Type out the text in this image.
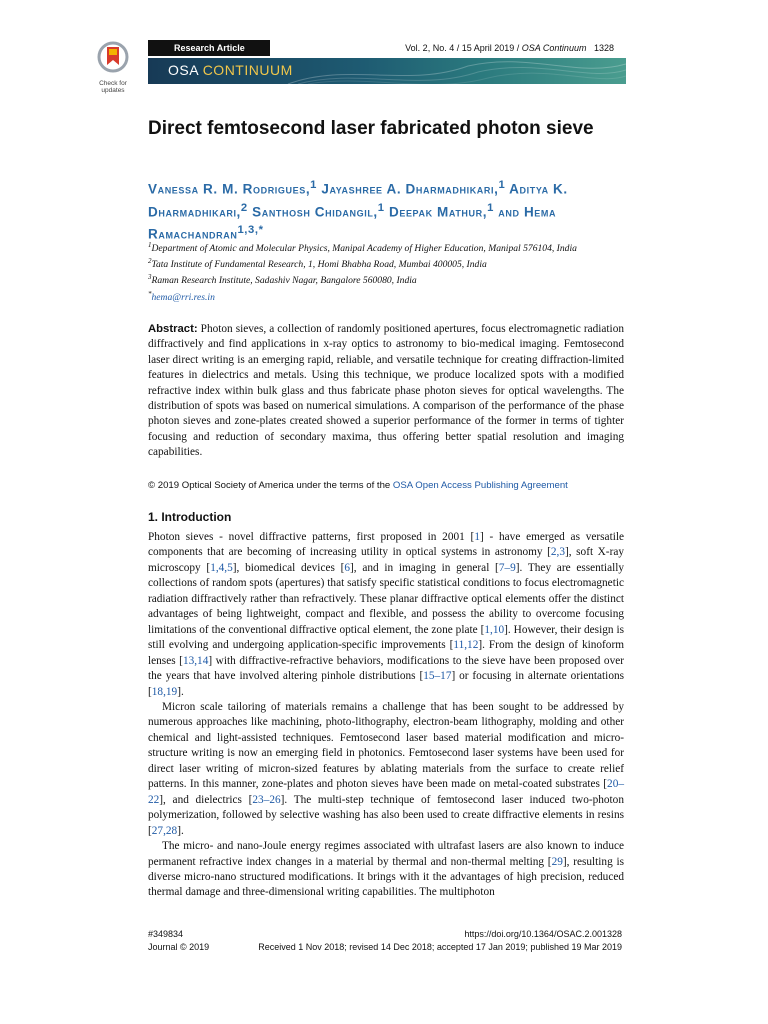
Check for
updates
Research Article	Vol. 2, No. 4 / 15 April 2019 / OSA Continuum 1328
OSA CONTINUUM
Direct femtosecond laser fabricated photon sieve
Vanessa R. M. Rodrigues,$^1$ Jayashree A. Dharmadhikari,$^1$ Aditya K. Dharmadhikari,$^2$ Santhosh Chidangil,$^1$ Deepak Mathur,$^1$ and Hema Ramachandran$^{1,3,*}$
$^1$Department of Atomic and Molecular Physics, Manipal Academy of Higher Education, Manipal 576104, India
$^2$Tata Institute of Fundamental Research, 1, Homi Bhabha Road, Mumbai 400005, India
$^3$Raman Research Institute, Sadashiv Nagar, Bangalore 560080, India
*hema@rri.res.in
Abstract: Photon sieves, a collection of randomly positioned apertures, focus electromagnetic radiation diffractively and find applications in x-ray optics to astronomy to bio-medical imaging. Femtosecond laser direct writing is an emerging rapid, reliable, and versatile technique for creating diffraction-limited features in dielectrics and metals. Using this technique, we produce localized spots with a modified refractive index within bulk glass and thus fabricate phase photon sieves for optical wavelengths. The distribution of spots was based on numerical simulations. A comparison of the performance of the phase photon sieves and zone-plates created showed a superior performance of the former in terms of tighter focusing and reduction of secondary maxima, thus offering better spatial resolution and imaging capabilities.
© 2019 Optical Society of America under the terms of the OSA Open Access Publishing Agreement
1. Introduction

Photon sieves - novel diffractive patterns, first proposed in 2001 [1] - have emerged as versatile components that are becoming of increasing utility in optical systems in astronomy [2,3], soft X-ray microscopy [1,4,5], biomedical devices [6], and in imaging in general [7–9]. They are essentially collections of random spots (apertures) that satisfy specific statistical conditions to focus electromagnetic radiation diffractively rather than refractively. These planar diffractive optical elements offer the distinct advantages of being lightweight, compact and flexible, and possess the ability to overcome focusing limitations of the conventional diffractive optical element, the zone plate [1,10]. However, their design is still evolving and undergoing application-specific improvements [11,12]. From the design of kinoform lenses [13,14] with diffractive-refractive behaviors, modifications to the sieve have been proposed over the years that have involved altering pinhole distributions [15–17] or focusing in alternate orientations [18,19].

Micron scale tailoring of materials remains a challenge that has been sought to be addressed by numerous approaches like machining, photo-lithography, electron-beam lithography, molding and other chemical and light-assisted techniques. Femtosecond laser based material modification and micro-structure writing is now an emerging field in photonics. Femtosecond laser systems have been used for direct laser writing of micron-sized features by ablating materials from the surface to create relief patterns. In this manner, zone-plates and photon sieves have been made on metal-coated substrates [20–22], and dielectrics [23–26]. The multi-step technique of femtosecond laser induced two-photon polymerization, followed by selective washing has also been used to create diffractive elements in resins [27,28].

The micro- and nano-Joule energy regimes associated with ultrafast lasers are also known to induce permanent refractive index changes in a material by thermal and non-thermal melting [29], resulting is diverse micro-nano structured modifications. It brings with it the advantages of high precision, reduced thermal damage and three-dimensional writing capabilities. The multiphoton

#349834
Journal © 2019
https://doi.org/10.1364/OSAC.2.001328
Received 1 Nov 2018; revised 14 Dec 2018; accepted 17 Jan 2019; published 19 Mar 2019
